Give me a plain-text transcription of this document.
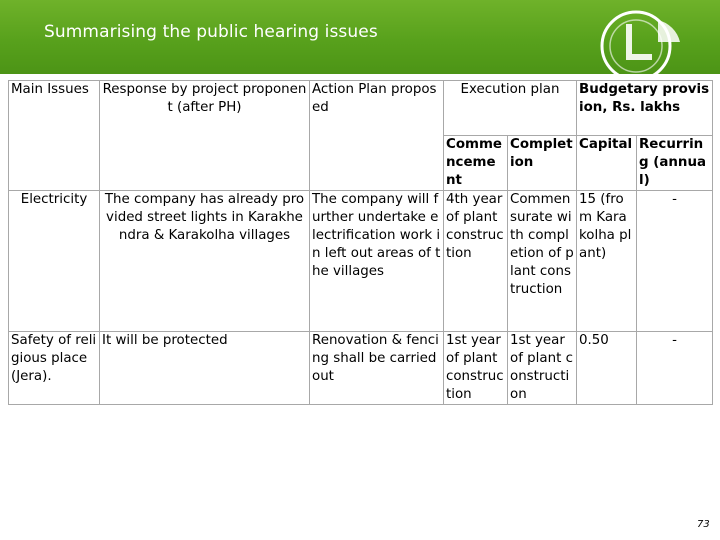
Summarising the public hearing issues
Main Issues	Response by project proponent (after PH)	Action Plan proposed	Execution plan		Budgetary provision, Rs. lakhs	
			Commencement	Completion	Capital	Recurring (annual)
Electricity	The company has already provided street lights in Karakhendra & Karakolha villages	The company will further undertake electrification work in left out areas of the villages	4th year of plant construction	Commensurate with completion of plant construction	15 (from Karakolha plant)	-
Safety of religious place (Jera).	It will be protected	Renovation & fencing shall be carried out	1st year of plant construction	1st year of plant construction	0.50	-
73
